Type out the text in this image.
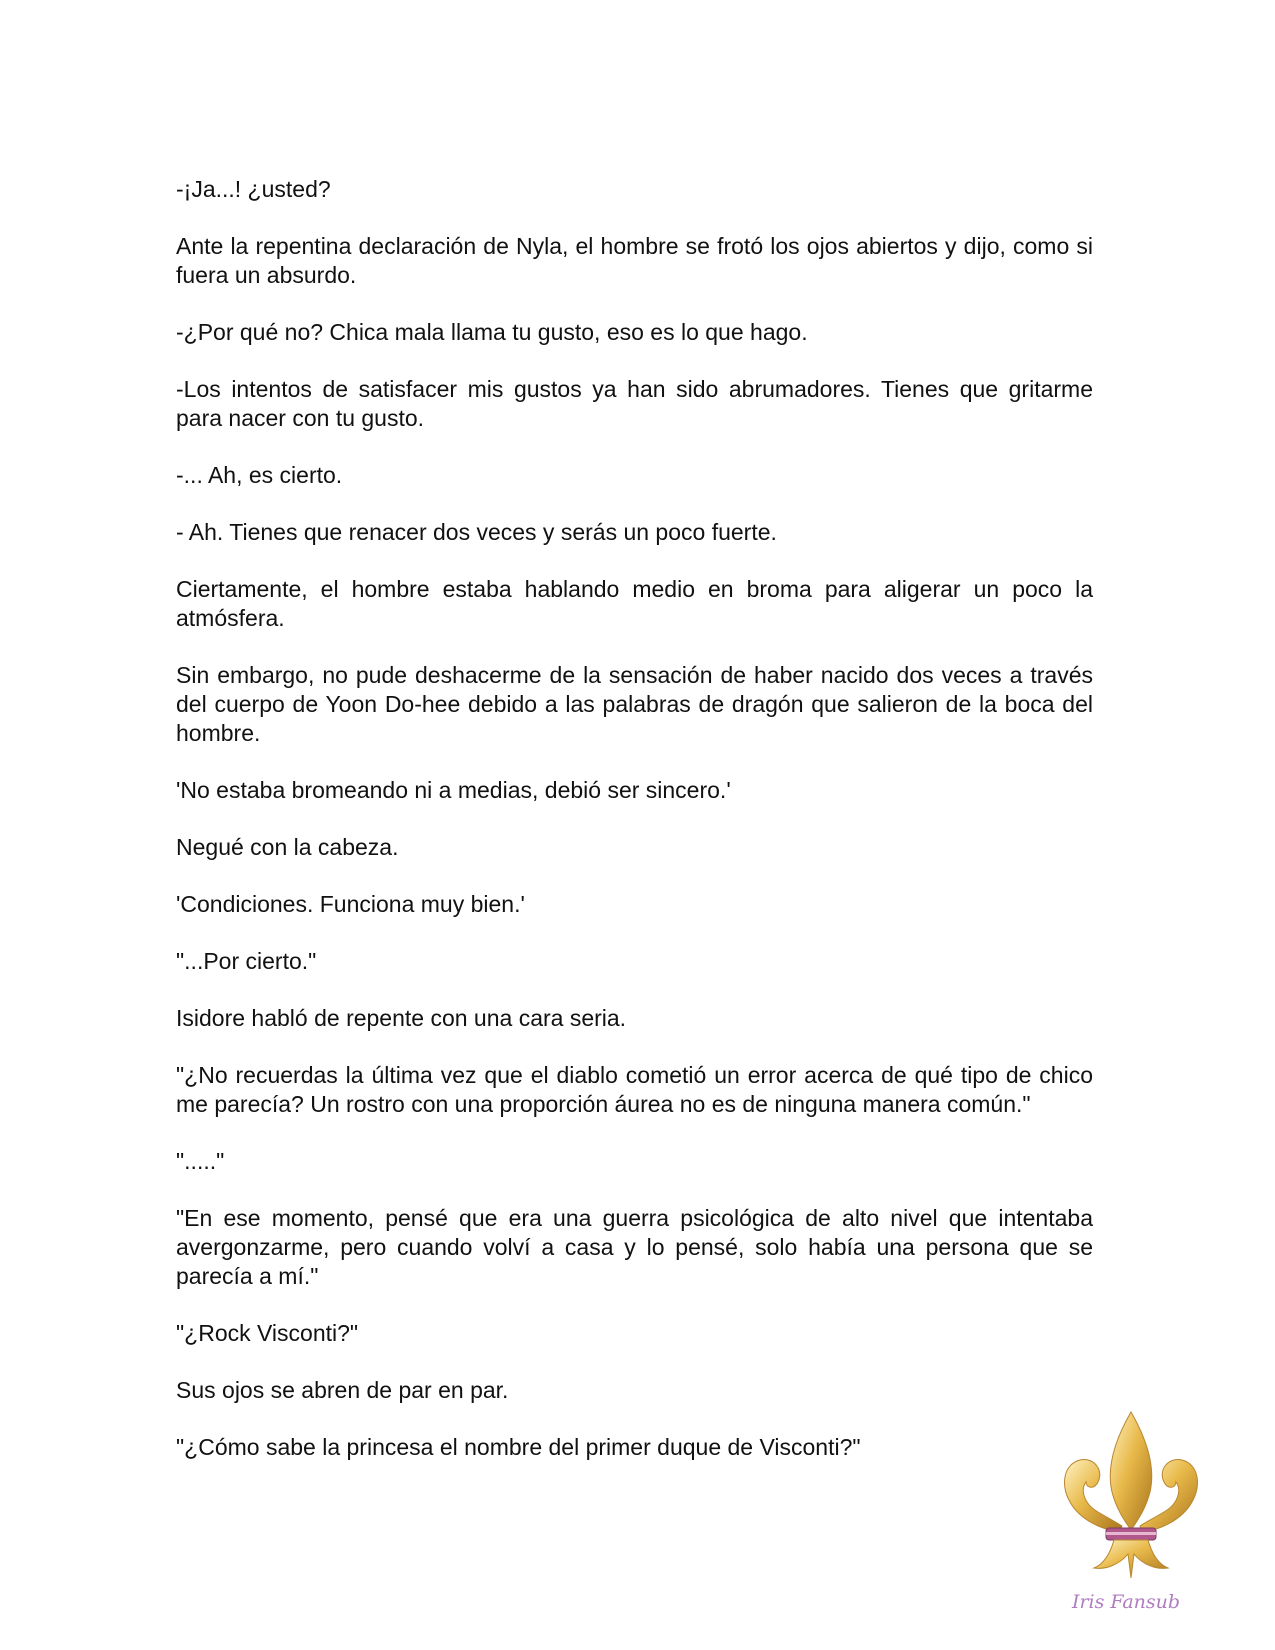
-¡Ja...! ¿usted?

Ante la repentina declaración de Nyla, el hombre se frotó los ojos abiertos y dijo, como si fuera un absurdo.

-¿Por qué no? Chica mala llama tu gusto, eso es lo que hago.

-Los intentos de satisfacer mis gustos ya han sido abrumadores. Tienes que gritarme para nacer con tu gusto.

-... Ah, es cierto.

- Ah. Tienes que renacer dos veces y serás un poco fuerte.

Ciertamente, el hombre estaba hablando medio en broma para aligerar un poco la atmósfera.

Sin embargo, no pude deshacerme de la sensación de haber nacido dos veces a través del cuerpo de Yoon Do-hee debido a las palabras de dragón que salieron de la boca del hombre.

'No estaba bromeando ni a medias, debió ser sincero.'

Negué con la cabeza.

'Condiciones. Funciona muy bien.'

"...Por cierto."

Isidore habló de repente con una cara seria.

"¿No recuerdas la última vez que el diablo cometió un error acerca de qué tipo de chico me parecía? Un rostro con una proporción áurea no es de ninguna manera común."

"....."

"En ese momento, pensé que era una guerra psicológica de alto nivel que intentaba avergonzarme, pero cuando volví a casa y lo pensé, solo había una persona que se parecía a mí."

"¿Rock Visconti?"

Sus ojos se abren de par en par.

"¿Cómo sabe la princesa el nombre del primer duque de Visconti?"

Iris Fansub
